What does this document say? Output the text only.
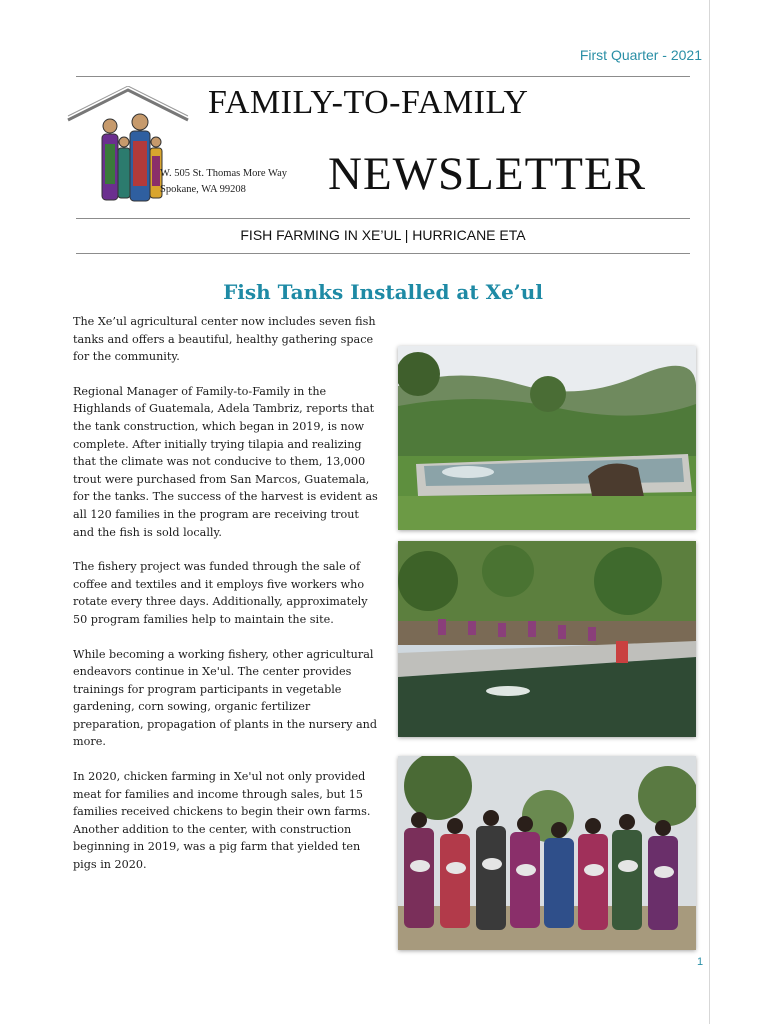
First Quarter - 2021
FAMILY-TO-FAMILY
NEWSLETTER
W. 505 St. Thomas More Way
Spokane, WA 99208
FISH FARMING IN XE’UL | HURRICANE ETA
Fish Tanks Installed at Xe’ul

The Xe’ul agricultural center now includes seven fish tanks and offers a beautiful, healthy gathering space for the community.

Regional Manager of Family-to-Family in the Highlands of Guatemala, Adela Tambriz, reports that the tank construction, which began in 2019, is now complete. After initially trying tilapia and realizing that the climate was not conducive to them, 13,000 trout were purchased from San Marcos, Guatemala, for the tanks. The success of the harvest is evident as all 120 families in the program are receiving trout and the fish is sold locally.

The fishery project was funded through the sale of coffee and textiles and it employs five workers who rotate every three days. Additionally, approximately 50 program families help to maintain the site.

While becoming a working fishery, other agricultural endeavors continue in Xe'ul. The center provides trainings for program participants in vegetable gardening, corn sowing, organic fertilizer preparation, propagation of plants in the nursery and more.

In 2020, chicken farming in Xe'ul not only provided meat for families and income through sales, but 15 families received chickens to begin their own farms. Another addition to the center, with construction beginning in 2019, was a pig farm that yielded ten pigs in 2020.

1
